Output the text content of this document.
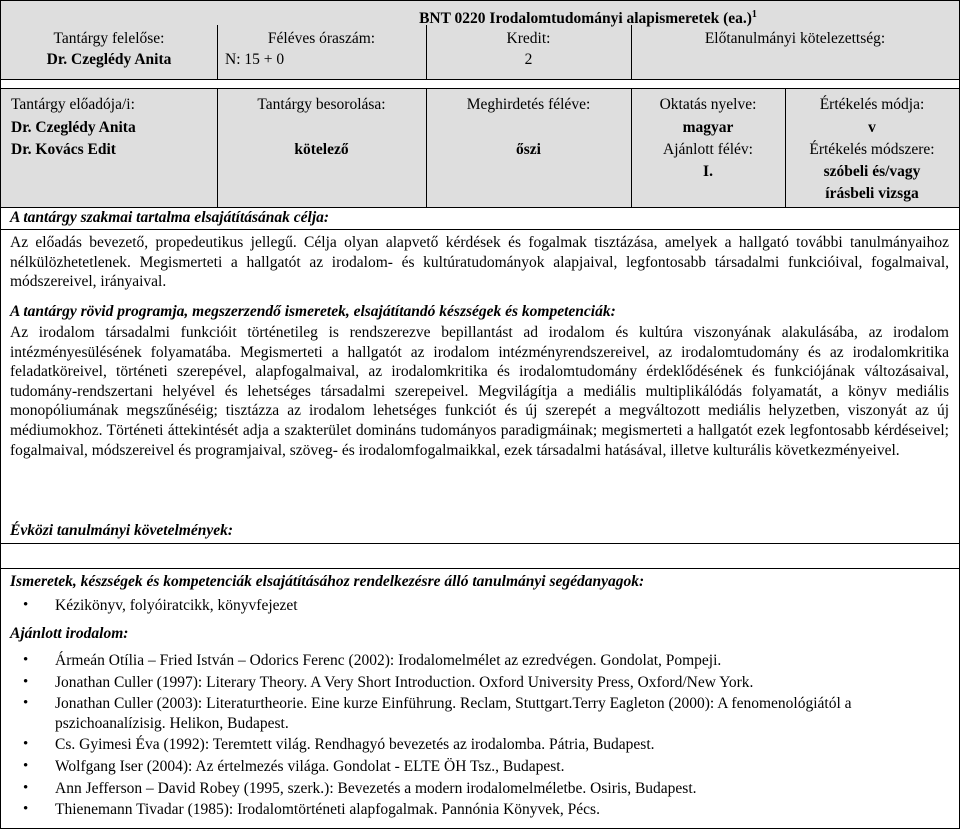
BNT 0220 Irodalomtudományi alapismeretek $(ea.)^1$
Tantárgy felelőse:
Dr. Czeglédy Anita
Féléves óraszám:
N: 15 + 0
Kredit:
2
Előtanulmányi kötelezettség:
Tantárgy előadója/i:
Dr. Czeglédy Anita
Dr. Kovács Edit
Tantárgy besorolása:
kötelező
Meghirdetés féléve:
őszi
Oktatás nyelve:
magyar
Ajánlott félév:
I.
Értékelés módja:
v
Értékelés módszere:
szóbeli és/vagy
írásbeli vizsga
A tantárgy szakmai tartalma elsajátításának célja:
Az előadás bevezető, propedeutikus jellegű. Célja olyan alapvető kérdések és fogalmak tisztázása, amelyek a hallgató további tanulmányaihoz nélkülözhetetlenek. Megismerteti a hallgatót az irodalom- és kultúratudományok alapjaival, legfontosabb társadalmi funkcióival, fogalmaival, módszereivel, irányaival.
A tantárgy rövid programja, megszerzendő ismeretek, elsajátítandó készségek és kompetenciák:
Az irodalom társadalmi funkcióit történetileg is rendszerezve bepillantást ad irodalom és kultúra viszonyának alakulásába, az irodalom intézményesülésének folyamatába. Megismerteti a hallgatót az irodalom intézményrendszereivel, az irodalomtudomány és az irodalomkritika feladatköreivel, történeti szerepével, alapfogalmaival, az irodalomkritika és irodalomtudomány érdeklődésének és funkciójának változásaival, tudomány-rendszertani helyével és lehetséges társadalmi szerepeivel. Megvilágítja a mediális multiplikálódás folyamatát, a könyv mediális monopóliumának megszűnéséig; tisztázza az irodalom lehetséges funkciót és új szerepét a megváltozott mediális helyzetben, viszonyát az új médiumokhoz. Történeti áttekintését adja a szakterület domináns tudományos paradigmáinak; megismerteti a hallgatót ezek legfontosabb kérdéseivel; fogalmaival, módszereivel és programjaival, szöveg- és irodalomfogalmaikkal, ezek társadalmi hatásával, illetve kulturális következményeivel.
Évközi tanulmányi követelmények:
Ismeretek, készségek és kompetenciák elsajátításához rendelkezésre álló tanulmányi segédanyagok:
• Kézikönyv, folyóiratcikk, könyvfejezet
Ajánlott irodalom:
• Ármeán Otília – Fried István – Odorics Ferenc (2002): Irodalomelmélet az ezredvégen. Gondolat, Pompeji.
• Jonathan Culler (1997): Literary Theory. A Very Short Introduction. Oxford University Press, Oxford/New York.
• Jonathan Culler (2003): Literaturtheorie. Eine kurze Einführung. Reclam, Stuttgart.Terry Eagleton (2000): A fenomenológiától a pszichoanalízisig. Helikon, Budapest.
• Cs. Gyimesi Éva (1992): Teremtett világ. Rendhagyó bevezetés az irodalomba. Pátria, Budapest.
• Wolfgang Iser (2004): Az értelmezés világa. Gondolat - ELTE ÖH Tsz., Budapest.
• Ann Jefferson – David Robey (1995, szerk.): Bevezetés a modern irodalomelméletbe. Osiris, Budapest.
• Thienemann Tivadar (1985): Irodalomtörténeti alapfogalmak. Pannónia Könyvek, Pécs.
